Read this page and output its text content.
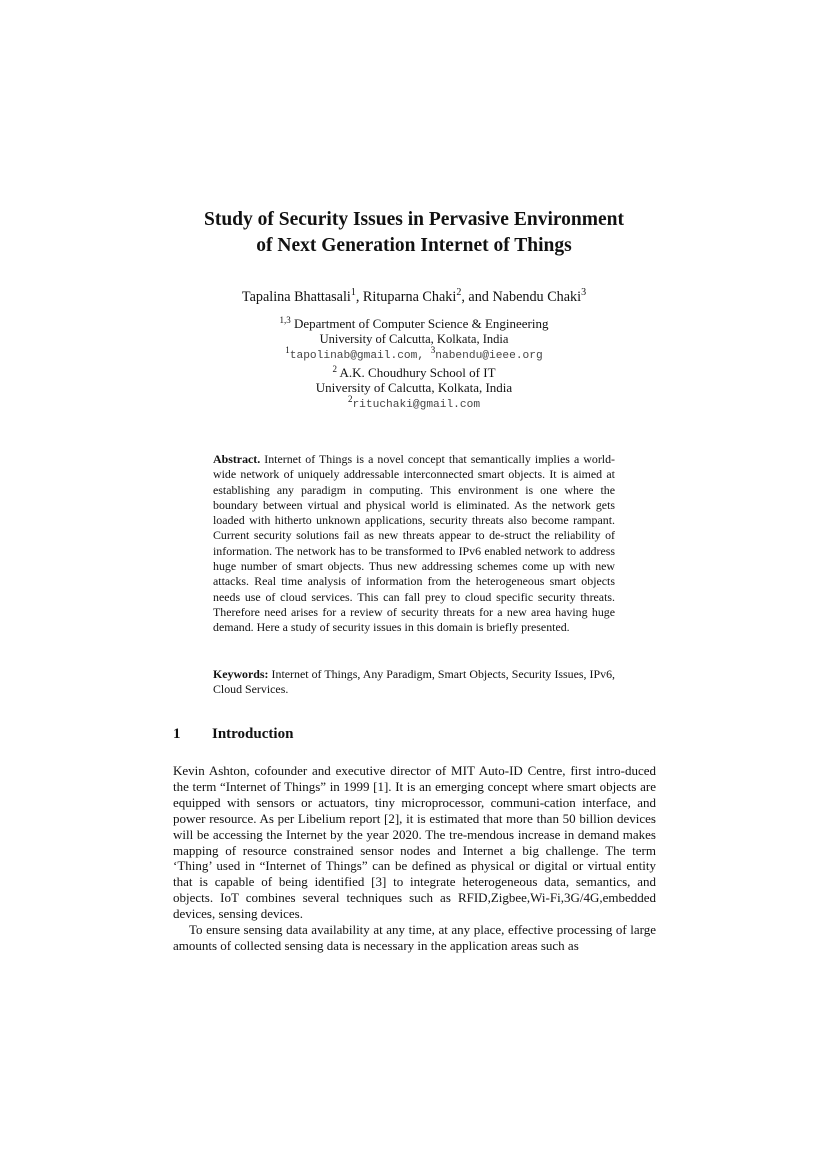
Study of Security Issues in Pervasive Environment
of Next Generation Internet of Things
Tapalina Bhattasali$^1$, Rituparna Chaki$^2$, and Nabendu Chaki$^3$
$^{1,3}$ Department of Computer Science & Engineering
University of Calcutta, Kolkata, India
$^1$tapolinab@gmail.com, $^3$nabendu@ieee.org
$^2$ A.K. Choudhury School of IT
University of Calcutta, Kolkata, India
$^2$rituchaki@gmail.com
Abstract. Internet of Things is a novel concept that semantically implies a world-wide network of uniquely addressable interconnected smart objects. It is aimed at establishing any paradigm in computing. This environment is one where the boundary between virtual and physical world is eliminated. As the network gets loaded with hitherto unknown applications, security threats also become rampant. Current security solutions fail as new threats appear to de-struct the reliability of information. The network has to be transformed to IPv6 enabled network to address huge number of smart objects. Thus new addressing schemes come up with new attacks. Real time analysis of information from the heterogeneous smart objects needs use of cloud services. This can fall prey to cloud specific security threats. Therefore need arises for a review of security threats for a new area having huge demand. Here a study of security issues in this domain is briefly presented.
Keywords: Internet of Things, Any Paradigm, Smart Objects, Security Issues, IPv6, Cloud Services.
1 Introduction

Kevin Ashton, cofounder and executive director of MIT Auto-ID Centre, first intro-duced the term “Internet of Things” in 1999 [1]. It is an emerging concept where smart objects are equipped with sensors or actuators, tiny microprocessor, communi-cation interface, and power resource. As per Libelium report [2], it is estimated that more than 50 billion devices will be accessing the Internet by the year 2020. The tre-mendous increase in demand makes mapping of resource constrained sensor nodes and Internet a big challenge. The term ‘Thing’ used in “Internet of Things” can be defined as physical or digital or virtual entity that is capable of being identified [3] to integrate heterogeneous data, semantics, and objects. IoT combines several techniques such as RFID,Zigbee,Wi-Fi,3G/4G,embedded devices, sensing devices.

To ensure sensing data availability at any time, at any place, effective processing of large amounts of collected sensing data is necessary in the application areas such as
